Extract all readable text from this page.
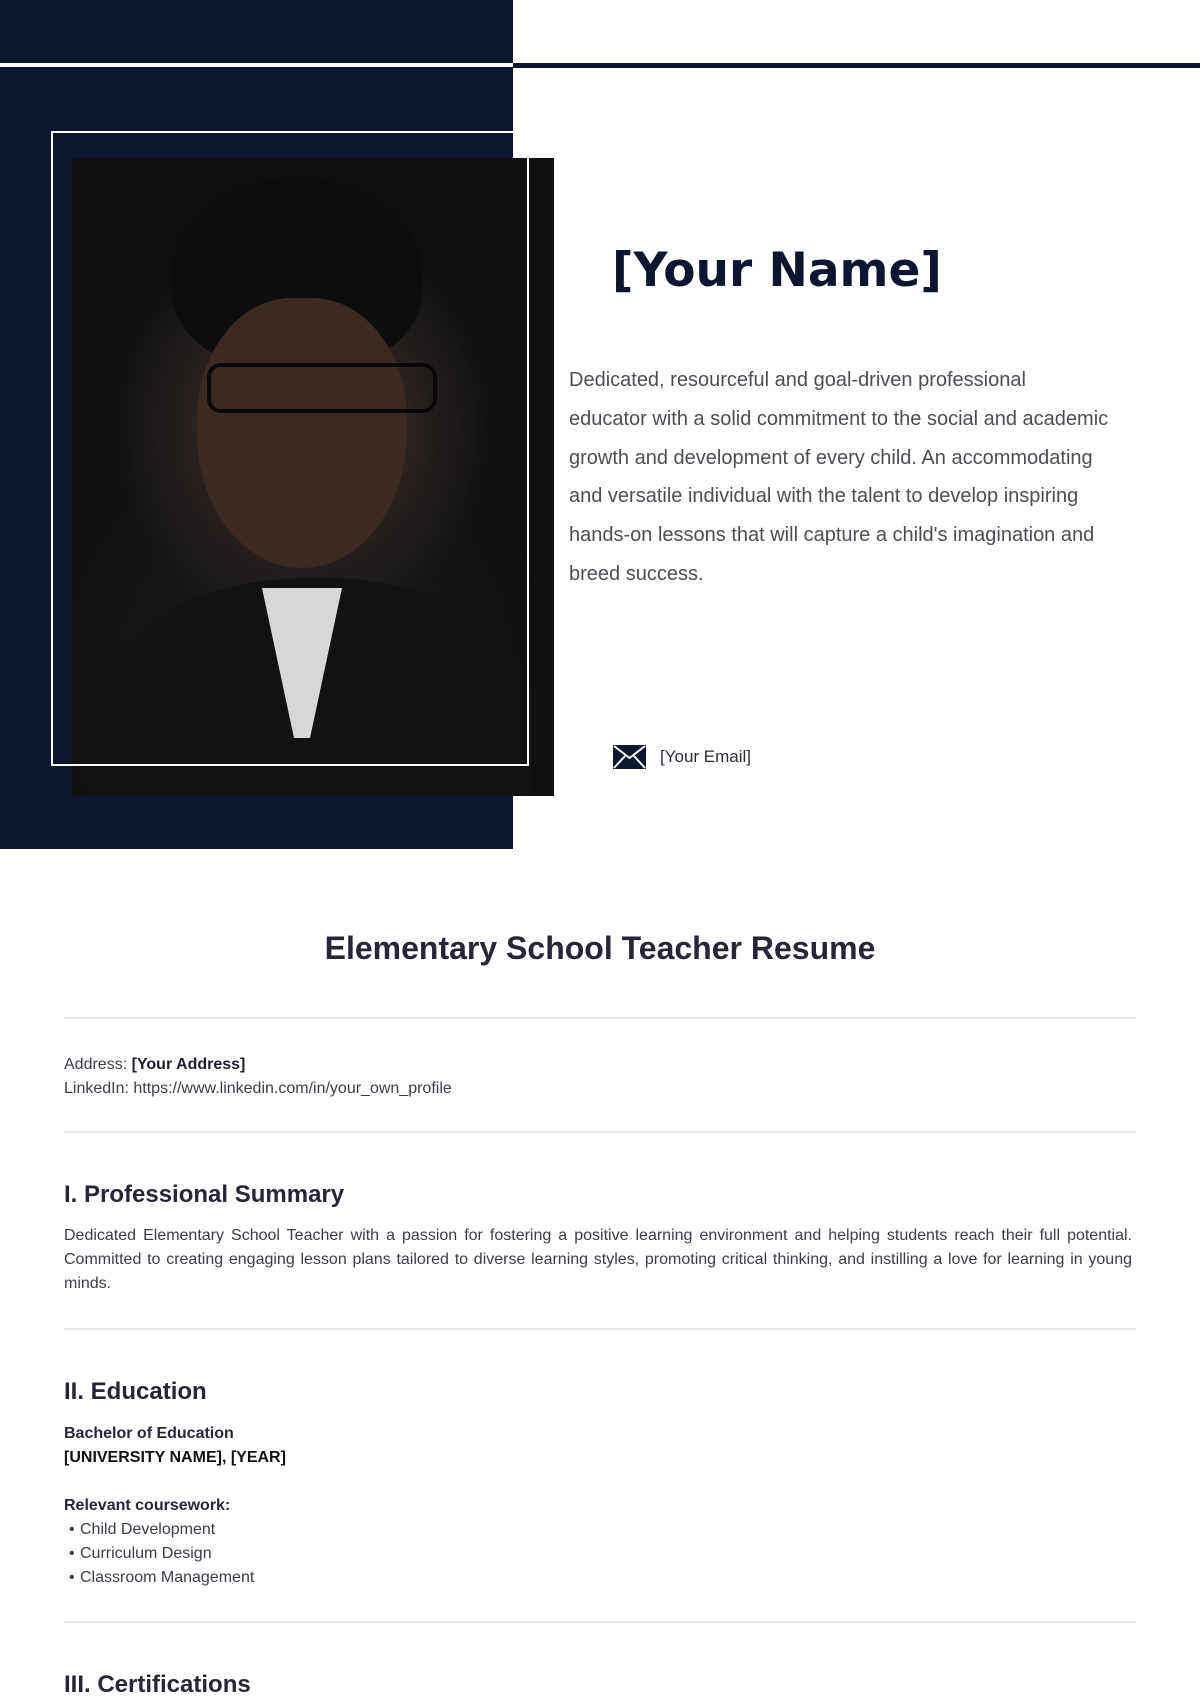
[Your Name]

Dedicated, resourceful and goal-driven professional educator with a solid commitment to the social and academic growth and development of every child. An accommodating and versatile individual with the talent to develop inspiring hands-on lessons that will capture a child's imagination and breed success.

[Your Email]
Elementary School Teacher Resume
Address: [Your Address]
LinkedIn: https://www.linkedin.com/in/your_own_profile
I. Professional Summary

Dedicated Elementary School Teacher with a passion for fostering a positive learning environment and helping students reach their full potential. Committed to creating engaging lesson plans tailored to diverse learning styles, promoting critical thinking, and instilling a love for learning in young minds.

II. Education
Bachelor of Education
[UNIVERSITY NAME], [YEAR]
Relevant coursework:
• Child Development
• Curriculum Design
• Classroom Management
III. Certifications
